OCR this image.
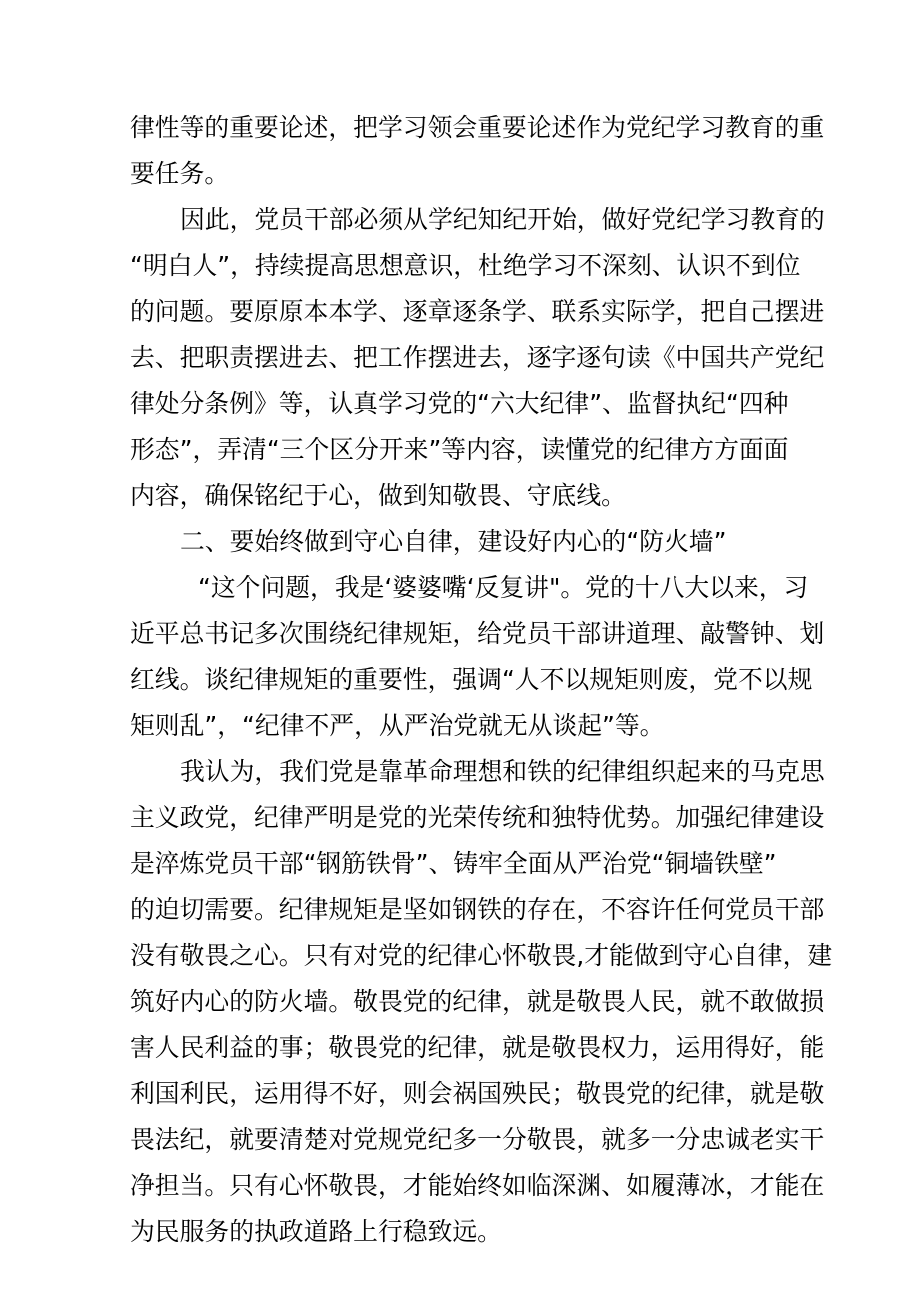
律性等的重要论述，把学习领会重要论述作为党纪学习教育的重
要任务。
因此，党员干部必须从学纪知纪开始，做好党纪学习教育的
“明白人”，持续提高思想意识，杜绝学习不深刻、认识不到位
的问题。要原原本本学、逐章逐条学、联系实际学，把自己摆进
去、把职责摆进去、把工作摆进去，逐字逐句读《中国共产党纪
律处分条例》等，认真学习党的“六大纪律”、监督执纪“四种
形态”，弄清“三个区分开来”等内容，读懂党的纪律方方面面
内容，确保铭纪于心，做到知敬畏、守底线。
二、要始终做到守心自律，建设好内心的“防火墙”
“这个问题，我是‘婆婆嘴‘反复讲"。党的十八大以来，习
近平总书记多次围绕纪律规矩，给党员干部讲道理、敲警钟、划
红线。谈纪律规矩的重要性，强调“人不以规矩则废，党不以规
矩则乱”，“纪律不严，从严治党就无从谈起”等。
我认为，我们党是靠革命理想和铁的纪律组织起来的马克思
主义政党，纪律严明是党的光荣传统和独特优势。加强纪律建设
是淬炼党员干部“钢筋铁骨”、铸牢全面从严治党“铜墙铁壁”
的迫切需要。纪律规矩是坚如钢铁的存在，不容许任何党员干部
没有敬畏之心。只有对党的纪律心怀敬畏,才能做到守心自律，建
筑好内心的防火墙。敬畏党的纪律，就是敬畏人民，就不敢做损
害人民利益的事；敬畏党的纪律，就是敬畏权力，运用得好，能
利国利民，运用得不好，则会祸国殃民；敬畏党的纪律，就是敬
畏法纪，就要清楚对党规党纪多一分敬畏，就多一分忠诚老实干
净担当。只有心怀敬畏，才能始终如临深渊、如履薄冰，才能在
为民服务的执政道路上行稳致远。
